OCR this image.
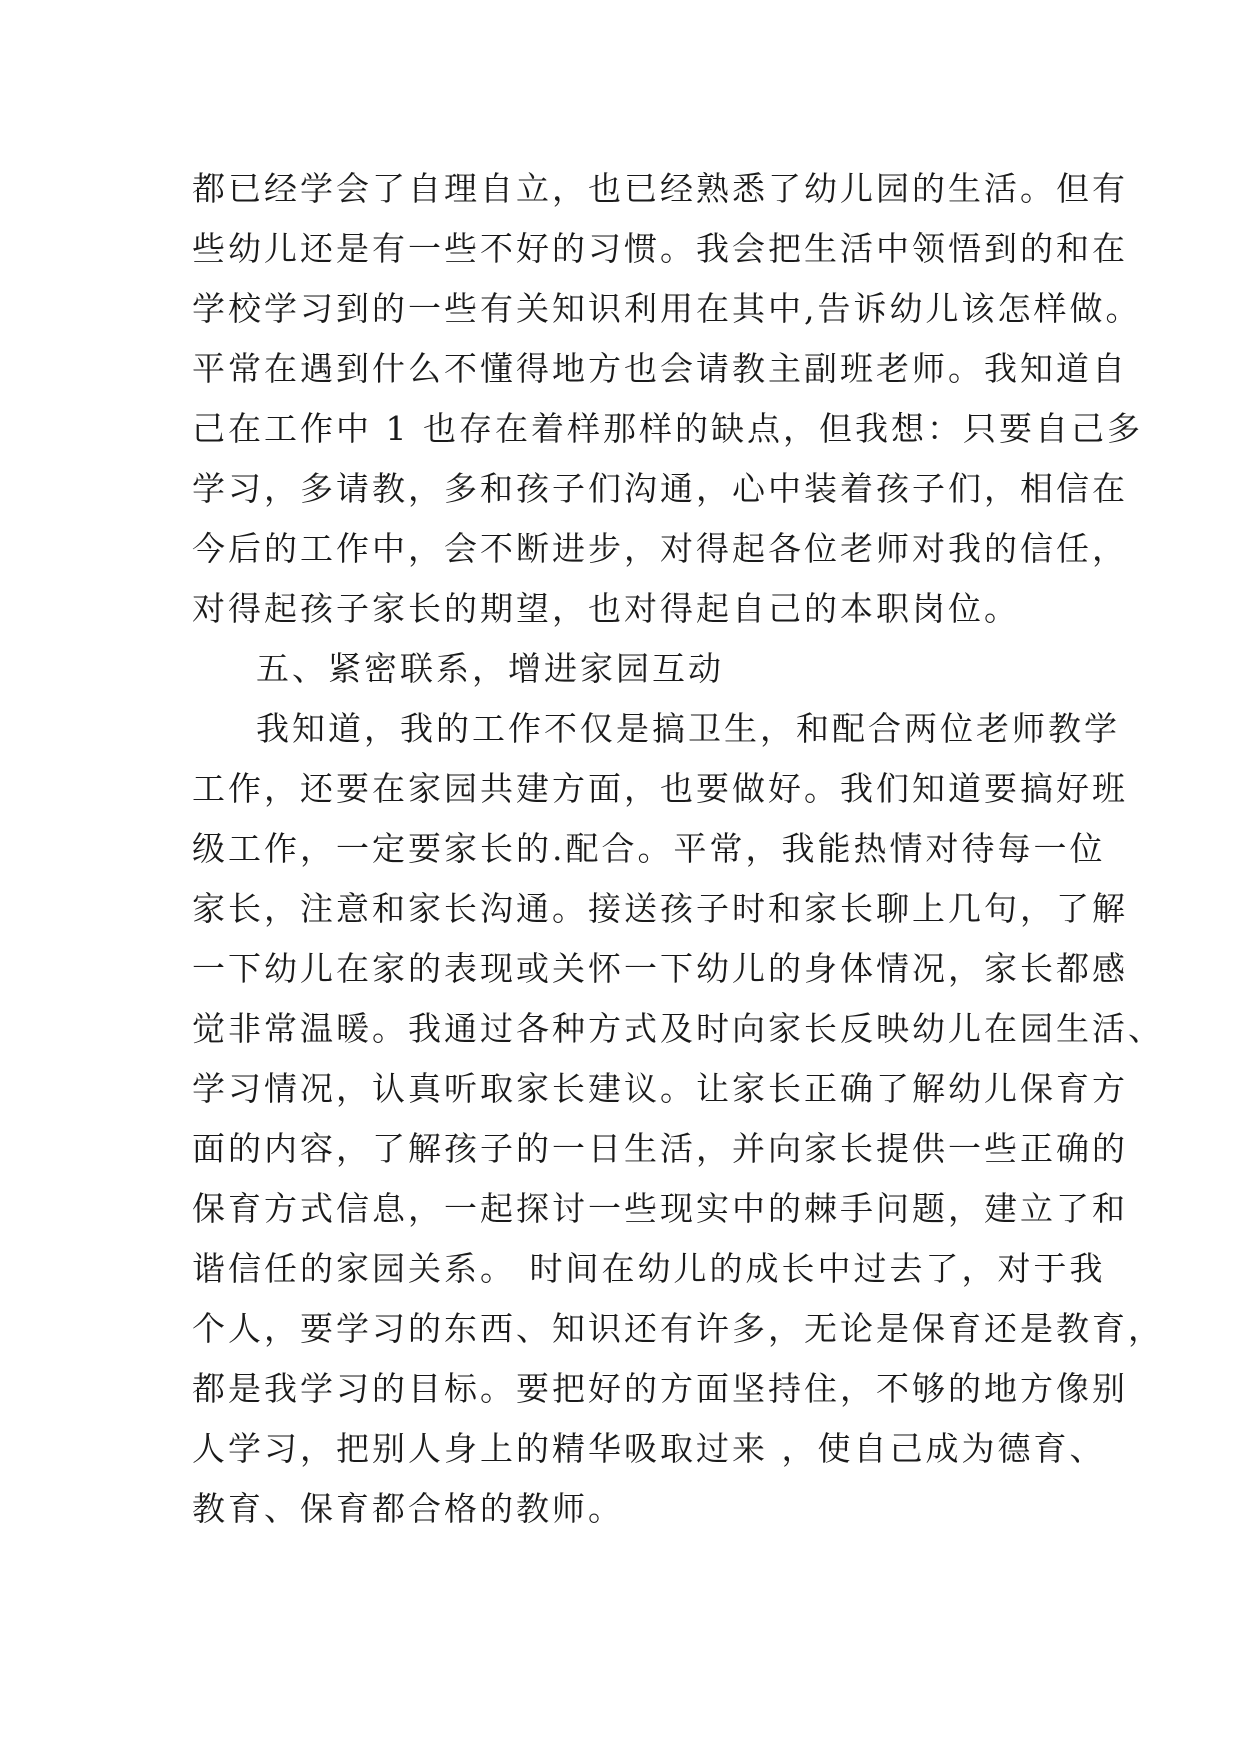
都已经学会了自理自立，也已经熟悉了幼儿园的生活。但有
些幼儿还是有一些不好的习惯。我会把生活中领悟到的和在
学校学习到的一些有关知识利用在其中,告诉幼儿该怎样做。
平常在遇到什么不懂得地方也会请教主副班老师。我知道自
己在工作中 1 也存在着样那样的缺点，但我想：只要自己多
学习，多请教，多和孩子们沟通，心中装着孩子们，相信在
今后的工作中，会不断进步，对得起各位老师对我的信任，
对得起孩子家长的期望，也对得起自己的本职岗位。
五、紧密联系，增进家园互动
我知道，我的工作不仅是搞卫生，和配合两位老师教学
工作，还要在家园共建方面，也要做好。我们知道要搞好班
级工作，一定要家长的.配合。平常，我能热情对待每一位
家长，注意和家长沟通。接送孩子时和家长聊上几句，了解
一下幼儿在家的表现或关怀一下幼儿的身体情况，家长都感
觉非常温暖。我通过各种方式及时向家长反映幼儿在园生活、
学习情况，认真听取家长建议。让家长正确了解幼儿保育方
面的内容，了解孩子的一日生活，并向家长提供一些正确的
保育方式信息，一起探讨一些现实中的棘手问题，建立了和
谐信任的家园关系。 时间在幼儿的成长中过去了，对于我
个人，要学习的东西、知识还有许多，无论是保育还是教育，
都是我学习的目标。要把好的方面坚持住，不够的地方像别
人学习，把别人身上的精华吸取过来 ，使自己成为德育、
教育、保育都合格的教师。
